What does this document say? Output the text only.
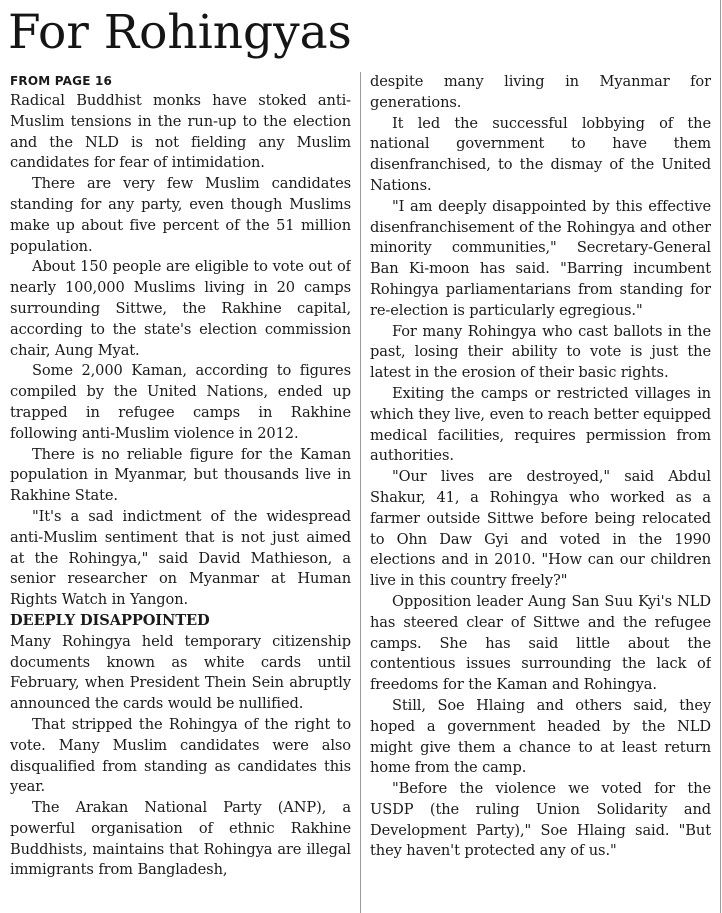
For Rohingyas
FROM PAGE 16

Radical Buddhist monks have stoked anti-Muslim tensions in the run-up to the election and the NLD is not fielding any Muslim candidates for fear of intimidation.

There are very few Muslim candidates standing for any party, even though Muslims make up about five percent of the 51 million population.

About 150 people are eligible to vote out of nearly 100,000 Muslims living in 20 camps surrounding Sittwe, the Rakhine capital, according to the state's election commission chair, Aung Myat.

Some 2,000 Kaman, according to figures compiled by the United Nations, ended up trapped in refugee camps in Rakhine following anti-Muslim violence in 2012.

There is no reliable figure for the Kaman population in Myanmar, but thousands live in Rakhine State.

"It's a sad indictment of the widespread anti-Muslim sentiment that is not just aimed at the Rohingya," said David Mathieson, a senior researcher on Myanmar at Human Rights Watch in Yangon.

DEEPLY DISAPPOINTED

Many Rohingya held temporary citizenship documents known as white cards until February, when President Thein Sein abruptly announced the cards would be nullified.

That stripped the Rohingya of the right to vote. Many Muslim candidates were also disqualified from standing as candidates this year.

The Arakan National Party (ANP), a powerful organisation of ethnic Rakhine Buddhists, maintains that Rohingya are illegal immigrants from Bangladesh,

despite many living in Myanmar for generations.

It led the successful lobbying of the national government to have them disenfranchised, to the dismay of the United Nations.

"I am deeply disappointed by this effective disenfranchisement of the Rohingya and other minority communities," Secretary-General Ban Ki-moon has said. "Barring incumbent Rohingya parliamentarians from standing for re-election is particularly egregious."

For many Rohingya who cast ballots in the past, losing their ability to vote is just the latest in the erosion of their basic rights.

Exiting the camps or restricted villages in which they live, even to reach better equipped medical facilities, requires permission from authorities.

"Our lives are destroyed," said Abdul Shakur, 41, a Rohingya who worked as a farmer outside Sittwe before being relocated to Ohn Daw Gyi and voted in the 1990 elections and in 2010. "How can our children live in this country freely?"

Opposition leader Aung San Suu Kyi's NLD has steered clear of Sittwe and the refugee camps. She has said little about the contentious issues surrounding the lack of freedoms for the Kaman and Rohingya.

Still, Soe Hlaing and others said, they hoped a government headed by the NLD might give them a chance to at least return home from the camp.

"Before the violence we voted for the USDP (the ruling Union Solidarity and Development Party)," Soe Hlaing said. "But they haven't protected any of us."
